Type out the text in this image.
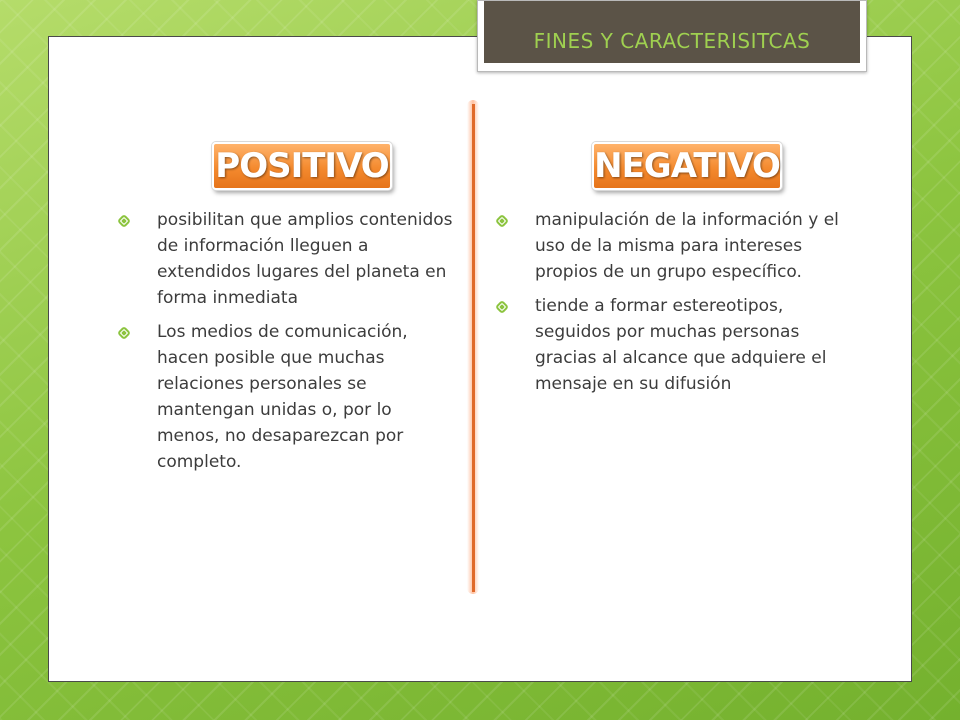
FINES Y CARACTERISITCAS
POSITIVO	NEGATIVO
posibilitan que amplios contenidos de información lleguen a extendidos lugares del planeta en forma inmediata
Los medios de comunicación, hacen posible que muchas relaciones personales se mantengan unidas o, por lo menos, no desaparezcan por completo.
manipulación de la información y el uso de la misma para intereses propios de un grupo específico.
tiende a formar estereotipos, seguidos por muchas personas gracias al alcance que adquiere el mensaje en su difusión
